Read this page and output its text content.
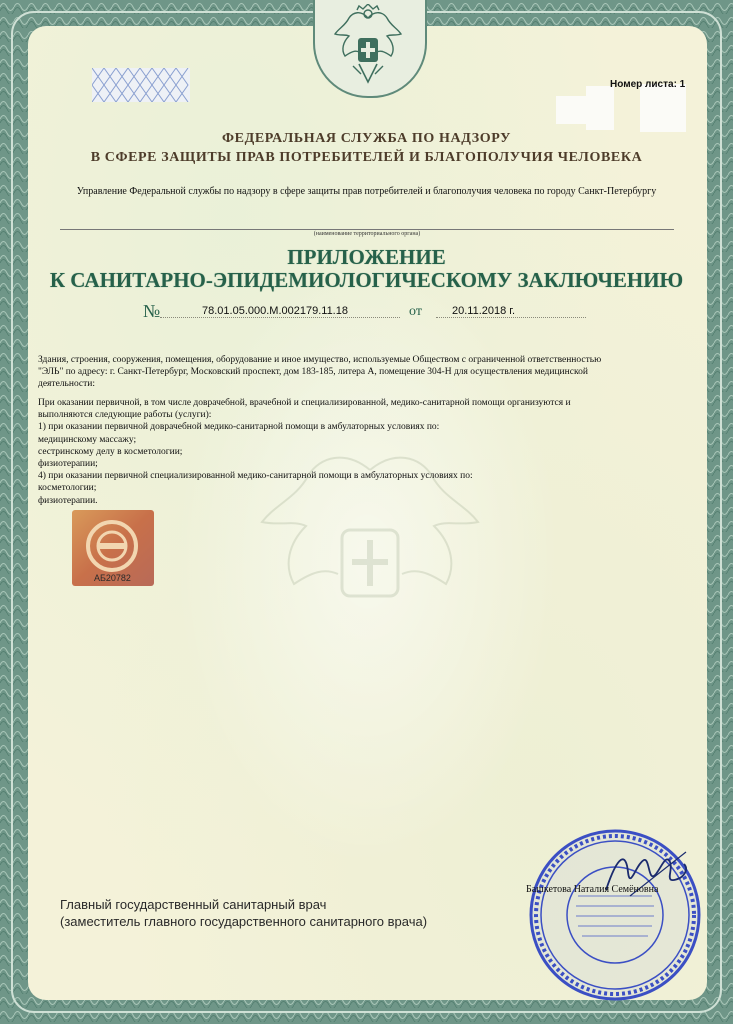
Номер листа: 1
ФЕДЕРАЛЬНАЯ СЛУЖБА ПО НАДЗОРУ
В СФЕРЕ ЗАЩИТЫ ПРАВ ПОТРЕБИТЕЛЕЙ И БЛАГОПОЛУЧИЯ ЧЕЛОВЕКА
Управление Федеральной службы по надзору в сфере защиты прав потребителей и благополучия человека по городу Санкт-Петербургу
(наименование территориального органа)
ПРИЛОЖЕНИЕ
К САНИТАРНО-ЭПИДЕМИОЛОГИЧЕСКОМУ ЗАКЛЮЧЕНИЮ
№	78.01.05.000.M.002179.11.18	от	20.11.2018 г.
Здания, строения, сооружения, помещения, оборудование и иное имущество, используемые Обществом с ограниченной ответственностью
"ЭЛЬ" по адресу: г. Санкт-Петербург, Московский проспект, дом 183-185, литера А, помещение 304-Н для осуществления медицинской
деятельности:
При оказании первичной, в том числе доврачебной, врачебной и специализированной, медико-санитарной помощи организуются и
выполняются следующие работы (услуги):
1) при оказании первичной доврачебной медико-санитарной помощи в амбулаторных условиях по:
медицинскому массажу;
сестринскому делу в косметологии;
физиотерапии;
4) при оказании первичной специализированной медико-санитарной помощи в амбулаторных условиях по:
косметологии;
физиотерапии.
АБ20782
Главный государственный санитарный врач
(заместитель главного государственного санитарного врача)
Башкетова Наталия Семёновна
